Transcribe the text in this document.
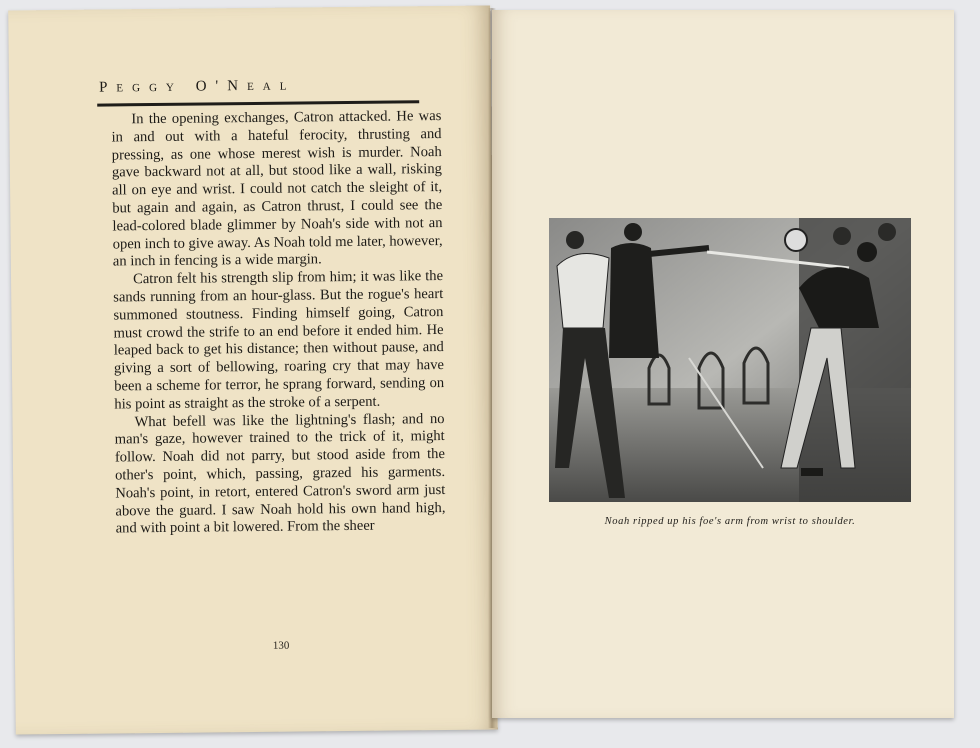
Peggy O'Neal

In the opening exchanges, Catron attacked. He was in and out with a hateful ferocity, thrusting and pressing, as one whose merest wish is murder. Noah gave backward not at all, but stood like a wall, risking all on eye and wrist. I could not catch the sleight of it, but again and again, as Catron thrust, I could see the lead-colored blade glimmer by Noah's side with not an open inch to give away. As Noah told me later, however, an inch in fencing is a wide margin.

Catron felt his strength slip from him; it was like the sands running from an hour-glass. But the rogue's heart summoned stoutness. Finding himself going, Catron must crowd the strife to an end before it ended him. He leaped back to get his distance; then without pause, and giving a sort of bellowing, roaring cry that may have been a scheme for terror, he sprang forward, sending on his point as straight as the stroke of a serpent.

What befell was like the lightning's flash; and no man's gaze, however trained to the trick of it, might follow. Noah did not parry, but stood aside from the other's point, which, passing, grazed his garments. Noah's point, in retort, entered Catron's sword arm just above the guard. I saw Noah hold his own hand high, and with point a bit lowered. From the sheer

130
Noah ripped up his foe's arm from wrist to shoulder.
